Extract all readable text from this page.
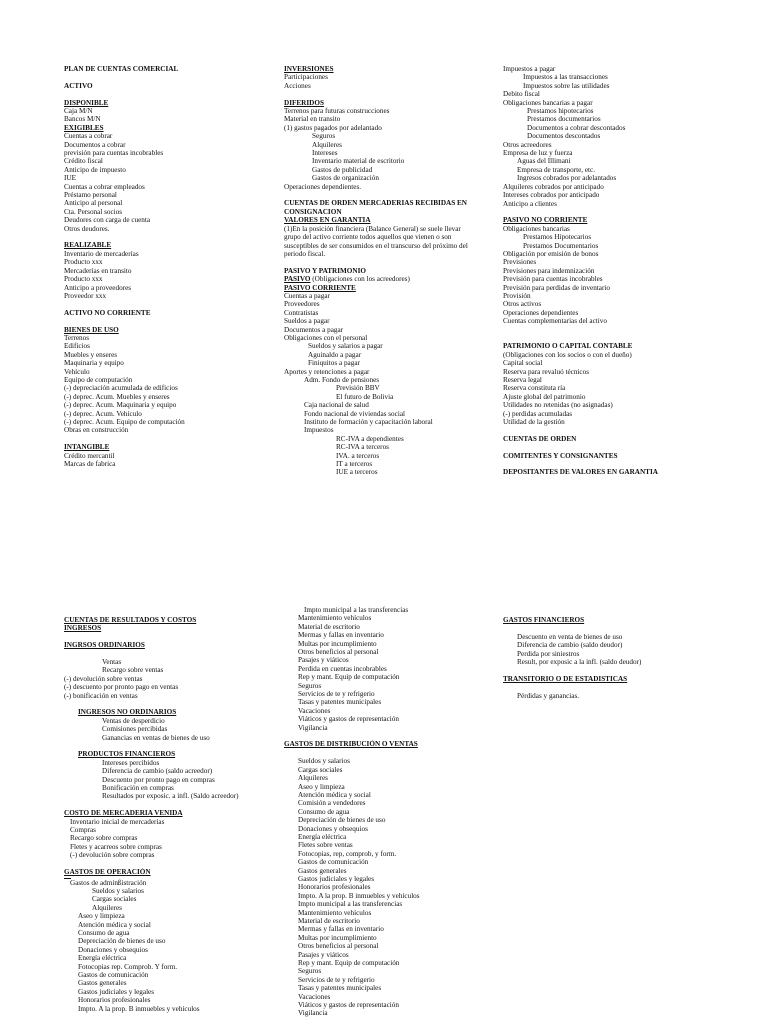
PLAN DE CUENTAS COMERCIAL
ACTIVO
DISPONIBLE
Caja M/N
Bancos M/N
EXIGIBLES
Cuentas a cobrar
Documentos a cobrar
previsión para cuentas incobrables
Crédito fiscal
Anticipo de impuesto
IUE
Cuentas a cobrar empleados
Préstamo personal
Anticipo al personal
Cta. Personal socios
Deudores con carga de cuenta
Otros deudores.
REALIZABLE
Inventario de mercaderías
Producto xxx
Mercaderías en transito
Producto xxx
Anticipo a proveedores
Proveedor xxx
ACTIVO NO CORRIENTE
BIENES DE USO
Terrenos
Edificios
Muebles y enseres
Maquinaria y equipo
Vehículo
Equipo de computación
(-) depreciación acumulada de edificios
(-) deprec. Acum. Muebles y enseres
(-) deprec. Acum. Maquinaria y equipo
(-) deprec. Acum. Vehículo
(-) deprec. Acum. Equipo de computación
Obras en construcción
INTANGIBLE
Crédito mercantil
Marcas de fabrica
INVERSIONES
Participaciones
Acciones
DIFERIDOS
Terrenos para futuras construcciones
Material en transito
(1) gastos pagados por adelantado
Seguros
Alquileres
Intereses
Inventario material de escritorio
Gastos de publicidad
Gastos de organización
Operaciones dependientes.
CUENTAS DE ORDEN MERCADERIAS RECIBIDAS EN
CONSIGNACION
VALORES EN GARANTIA
(1)En la posición financiera (Balance General) se suele llevar
grupo del activo corriente todos aquellos que vienen o son
susceptibles de ser consumidos en el transcurso del próximo del
periodo fiscal.
PASIVO Y PATRIMONIO
PASIVO (Obligaciones con los acreedores)
PASIVO CORRIENTE
Cuentas a pagar
Proveedores
Contratistas
Sueldos a pagar
Documentos a pagar
Obligaciones con el personal
Sueldos y salarios a pagar
Aguinaldo a pagar
Finiquitos a pagar
Aportes y retenciones a pagar
Adm. Fondo de pensiones
Previsión BBV
El futuro de Bolivia
Caja nacional de salud
Fondo nacional de viviendas social
Instituto de formación y capacitación laboral
Impuestos
RC-IVA a dependientes
RC-IVA a terceros
IVA. a terceros
IT a terceros
IUE a terceros
Impuestos a pagar
Impuestos a las transacciones
Impuestos sobre las utilidades
Debito fiscal
Obligaciones bancarias a pagar
Prestamos hipotecarios
Prestamos documentarios
Documentos a cobrar descontados
Documentos descontados
Otros acreedores
Empresa de luz y fuerza
Aguas del Illimani
Empresa de transporte, etc.
Ingresos cobrados por adelantados
Alquileres cobrados por anticipado
Intereses cobrados por anticipado
Anticipo a clientes
PASIVO NO CORRIENTE
Obligaciones bancarias
Prestamos Hipotecarios
Prestamos Documentarios
Obligación por emisión de bonos
Previsiones
Previsiones para indemnización
Previsión para cuentas incobrables
Previsión para perdidas de inventario
Provisión
Otros activos
Operaciones dependientes
Cuentas complementarias del activo
PATRIMONIO O CAPITAL CONTABLE
(Obligaciones con los socios o con el dueño)
Capital social
Reserva para revaluó técnicos
Reserva legal
Reserva constituta ría
Ajuste global del patrimonio
Utilidades no retenidas (no asignadas)
(-) perdidas acumuladas
Utilidad de la gestión
CUENTAS DE ORDEN
COMITENTES Y CONSIGNANTES
DEPOSITANTES DE VALORES EN GARANTIA
CUENTAS DE RESULTADOS Y COSTOS
INGRESOS
INGRSOS ORDINARIOS
Ventas
Recargo sobre ventas
(-) devolución sobre ventas
(-) descuento por pronto pago en ventas
(-) bonificación en ventas
INGRESOS NO ORDINARIOS
Ventas de desperdicio
Comisiones percibidas
Ganancias en ventas de bienes de uso
PRODUCTOS FINANCIEROS
Intereses percibidos
Diferencia de cambio (saldo acreedor)
Descuento por pronto pago en compras
Bonificación en compras
Resultados por exposic. a infl. (Saldo acreedor)
COSTO DE MERCADERIA VENIDA
Inventario inicial de mercaderías
Compras
Recargo sobre compras
Fletes y acarreos sobre compras
(-) devolución sobre compras
GASTOS DE OPERACIÓN
Gastos de adminßistración
Sueldos y salarios
Cargas sociales
Alquileres
Aseo y limpieza
Atención médica y social
Consumo de agua
Depreciación de bienes de uso
Donaciones y obsequios
Energía eléctrica
Fotocopias rep. Comprob. Y form.
Gastos de comunicación
Gastos generales
Gastos judiciales y legales
Honorarios profesionales
Impto. A la prop. B inmuebles y vehículos
Impto municipal a las transferencias
Mantenimiento vehículos
Material de escritorio
Mermas y fallas en inventario
Multas por incumplimiento
Otros beneficios al personal
Pasajes y viáticos
Perdida en cuentas incobrables
Rep y mant. Equip de computación
Seguros
Servicios de te y refrigerio
Tasas y patentes municipales
Vacaciones
Viáticos y gastos de representación
Vigilancia
GASTOS DE DISTRIBUCIÓN O VENTAS
Sueldos y salarios
Cargas sociales
Alquileres
Aseo y limpieza
Atención médica y social
Comisión a vendedores
Consumo de agua
Depreciación de bienes de uso
Donaciones y obsequios
Energía eléctrica
Fletes sobre ventas
Fotocopias, rep, comprob, y form.
Gastos de comunicación
Gastos generales
Gastos judiciales y legales
Honorarios profesionales
Impto. A la prop. B inmuebles y vehículos
Impto municipal a las transferencias
Mantenimiento vehículos
Material de escritorio
Mermas y fallas en inventario
Multas por incumplimiento
Otros beneficios al personal
Pasajes y viáticos
Rep y mant. Equip de computación
Seguros
Servicios de te y refrigerio
Tasas y patentes municipales
Vacaciones
Viáticos y gastos de representación
Vigilancia
GASTOS FINANCIEROS
Descuento en venta de bienes de uso
Diferencia de cambio (saldo deudor)
Perdida por siniestros
Result, por exposic a la infl. (saldo deudor)
TRANSITORIO O DE ESTADISTICAS
Pérdidas y ganancias.
